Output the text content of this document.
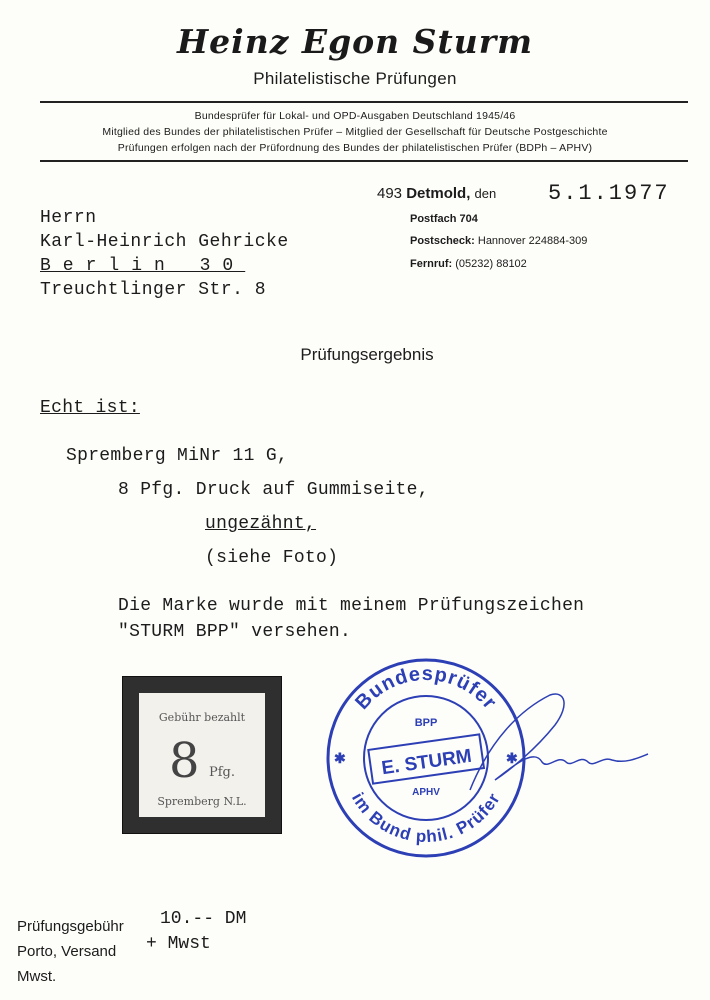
Heinz Egon Sturm
Philatelistische Prüfungen
Bundesprüfer für Lokal- und OPD-Ausgaben Deutschland 1945/46
Mitglied des Bundes der philatelistischen Prüfer – Mitglied der Gesellschaft für Deutsche Postgeschichte
Prüfungen erfolgen nach der Prüfordnung des Bundes der philatelistischen Prüfer (BDPh – APHV)
493 Detmold, den 5.1.1977
Postfach 704
Postscheck: Hannover 224884-309
Fernruf: (05232) 88102
Herrn
Karl-Heinrich Gehricke
Berlin 30
Treuchtlinger Str. 8
Prüfungsergebnis
Echt ist:
Spremberg MiNr 11 G,
8 Pfg. Druck auf Gummiseite,
ungezähnt,
(siehe Foto)
Die Marke wurde mit meinem Prüfungszeichen
"STURM BPP" versehen.
Gebühr bezahlt
8 Pfg.
Spremberg N.L.
Bundesprüfer
im Bund phil. Prüfer
✱	✱
BPP
E. STURM
APHV
Prüfungsgebühr
Porto, Versand
Mwst.
10.-- DM
+ Mwst
